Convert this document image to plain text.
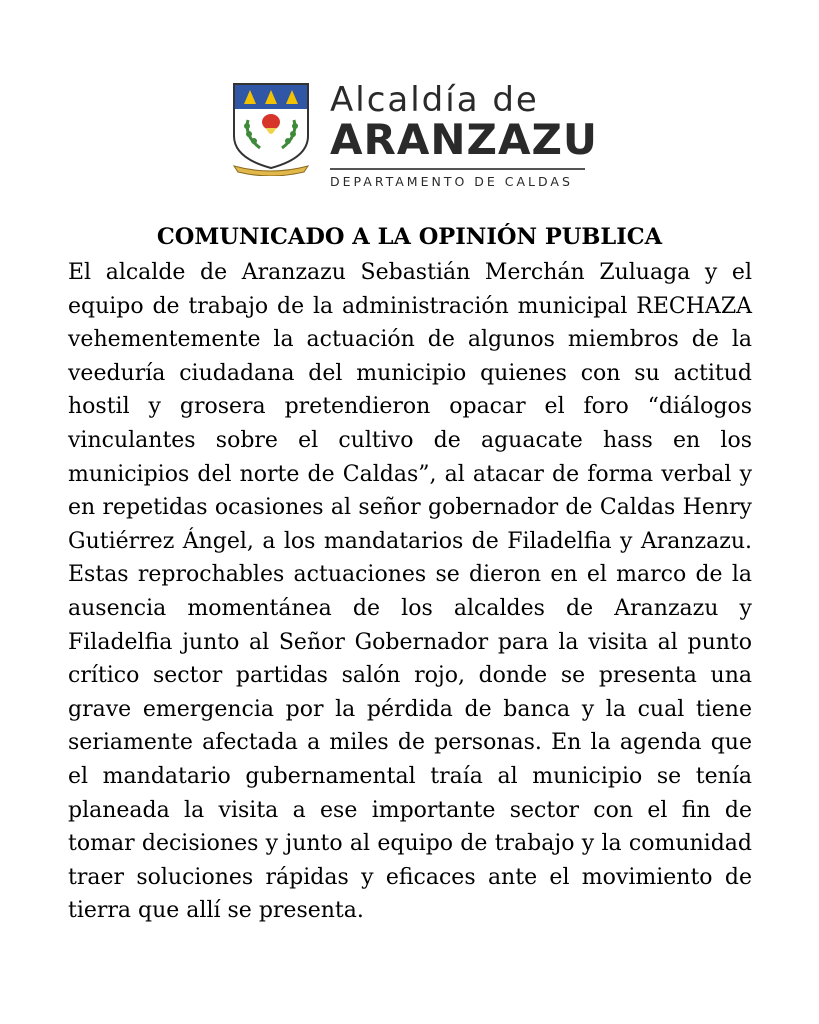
Alcaldía de

ARANZAZU

DEPARTAMENTO DE CALDAS

COMUNICADO A LA OPINIÓN PUBLICA

El alcalde de Aranzazu Sebastián Merchán Zuluaga y el equipo de trabajo de la administración municipal RECHAZA vehementemente la actuación de algunos miembros de la veeduría ciudadana del municipio quienes con su actitud hostil y grosera pretendieron opacar el foro “diálogos vinculantes sobre el cultivo de aguacate hass en los municipios del norte de Caldas”, al atacar de forma verbal y en repetidas ocasiones al señor gobernador de Caldas Henry Gutiérrez Ángel, a los mandatarios de Filadelfia y Aranzazu. Estas reprochables actuaciones se dieron en el marco de la ausencia momentánea de los alcaldes de Aranzazu y Filadelfia junto al Señor Gobernador para la visita al punto crítico sector partidas salón rojo, donde se presenta una grave emergencia por la pérdida de banca y la cual tiene seriamente afectada a miles de personas. En la agenda que el mandatario gubernamental traía al municipio se tenía planeada la visita a ese importante sector con el fin de tomar decisiones y junto al equipo de trabajo y la comunidad traer soluciones rápidas y eficaces ante el movimiento de tierra que allí se presenta.
